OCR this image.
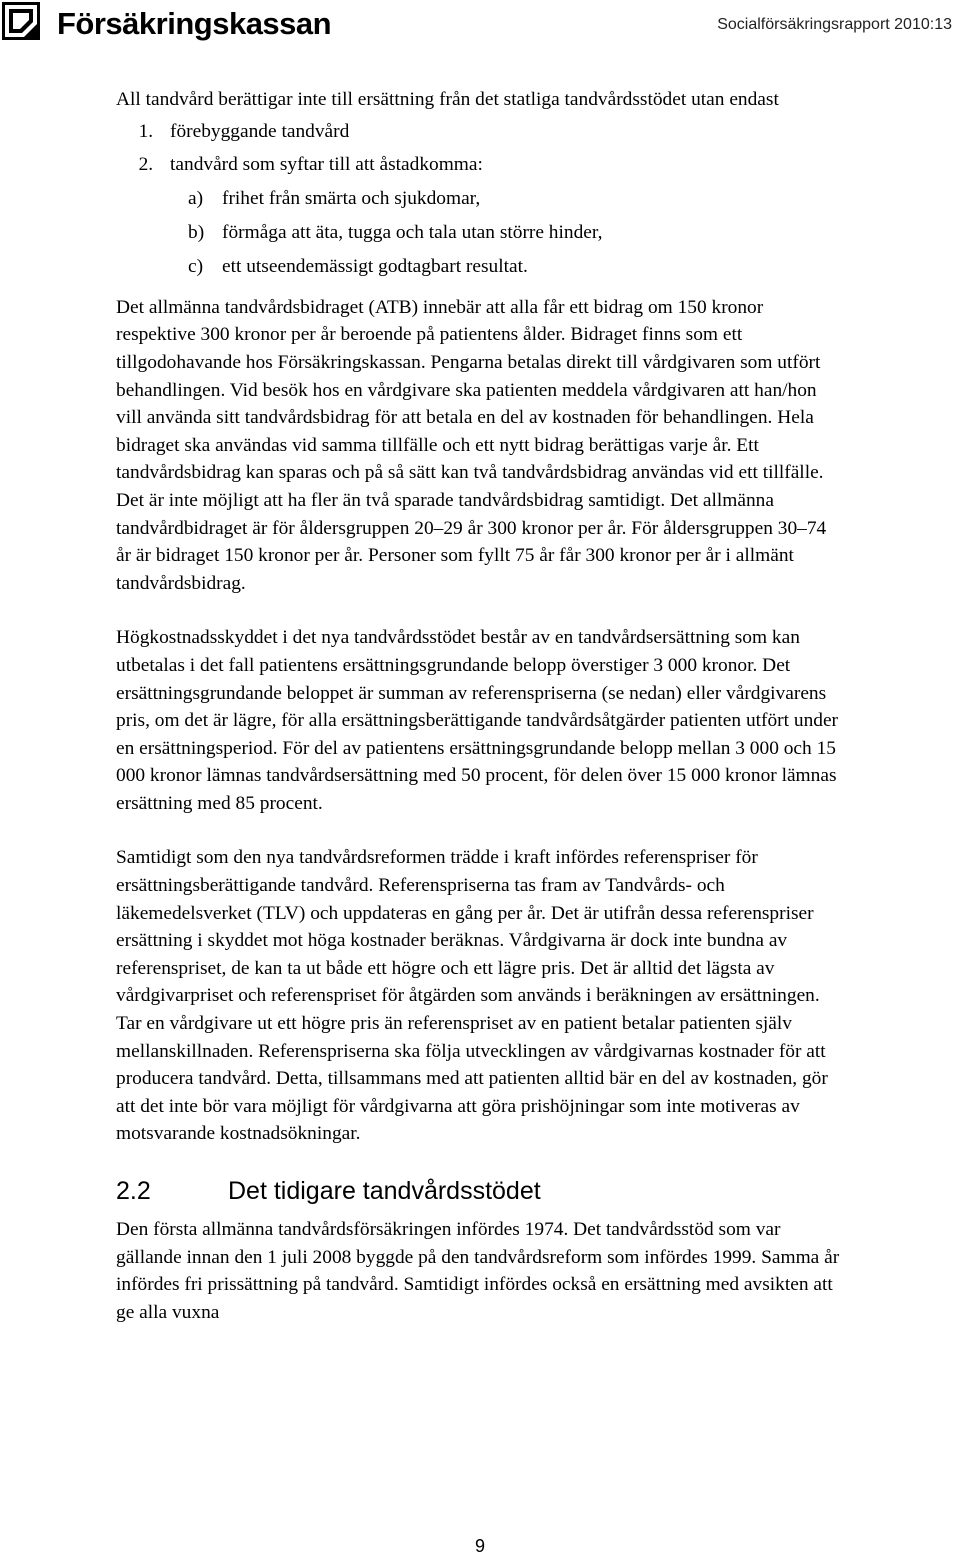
Försäkringskassan	Socialförsäkringsrapport 2010:13

All tandvård berättigar inte till ersättning från det statliga tandvårdsstödet utan endast

1. förebyggande tandvård
2. tandvård som syftar till att åstadkomma:
a) frihet från smärta och sjukdomar,
b) förmåga att äta, tugga och tala utan större hinder,
c) ett utseendemässigt godtagbart resultat.

Det allmänna tandvårdsbidraget (ATB) innebär att alla får ett bidrag om 150 kronor respektive 300 kronor per år beroende på patientens ålder. Bidraget finns som ett tillgodohavande hos Försäkringskassan. Pengarna betalas direkt till vårdgivaren som utfört behandlingen. Vid besök hos en vårdgivare ska patienten meddela vårdgivaren att han/hon vill använda sitt tandvårdsbidrag för att betala en del av kostnaden för behandlingen. Hela bidraget ska användas vid samma tillfälle och ett nytt bidrag berättigas varje år. Ett tandvårdsbidrag kan sparas och på så sätt kan två tandvårdsbidrag användas vid ett tillfälle. Det är inte möjligt att ha fler än två sparade tandvårdsbidrag samtidigt. Det allmänna tandvårdbidraget är för åldersgruppen 20–29 år 300 kronor per år. För åldersgruppen 30–74 år är bidraget 150 kronor per år. Personer som fyllt 75 år får 300 kronor per år i allmänt tandvårdsbidrag.

Högkostnadsskyddet i det nya tandvårdsstödet består av en tandvårdsersättning som kan utbetalas i det fall patientens ersättningsgrundande belopp överstiger 3 000 kronor. Det ersättningsgrundande beloppet är summan av referenspriserna (se nedan) eller vårdgivarens pris, om det är lägre, för alla ersättningsberättigande tandvårdsåtgärder patienten utfört under en ersättningsperiod. För del av patientens ersättningsgrundande belopp mellan 3 000 och 15 000 kronor lämnas tandvårdsersättning med 50 procent, för delen över 15 000 kronor lämnas ersättning med 85 procent.

Samtidigt som den nya tandvårdsreformen trädde i kraft infördes referenspriser för ersättningsberättigande tandvård. Referenspriserna tas fram av Tandvårds- och läkemedelsverket (TLV) och uppdateras en gång per år. Det är utifrån dessa referenspriser ersättning i skyddet mot höga kostnader beräknas. Vårdgivarna är dock inte bundna av referenspriset, de kan ta ut både ett högre och ett lägre pris. Det är alltid det lägsta av vårdgivarpriset och referenspriset för åtgärden som används i beräkningen av ersättningen. Tar en vårdgivare ut ett högre pris än referenspriset av en patient betalar patienten själv mellanskillnaden. Referenspriserna ska följa utvecklingen av vårdgivarnas kostnader för att producera tandvård. Detta, tillsammans med att patienten alltid bär en del av kostnaden, gör att det inte bör vara möjligt för vårdgivarna att göra prishöjningar som inte motiveras av motsvarande kostnadsökningar.

2.2	Det tidigare tandvårdsstödet

Den första allmänna tandvårdsförsäkringen infördes 1974. Det tandvårdsstöd som var gällande innan den 1 juli 2008 byggde på den tandvårdsreform som infördes 1999. Samma år infördes fri prissättning på tandvård. Samtidigt infördes också en ersättning med avsikten att ge alla vuxna

9
